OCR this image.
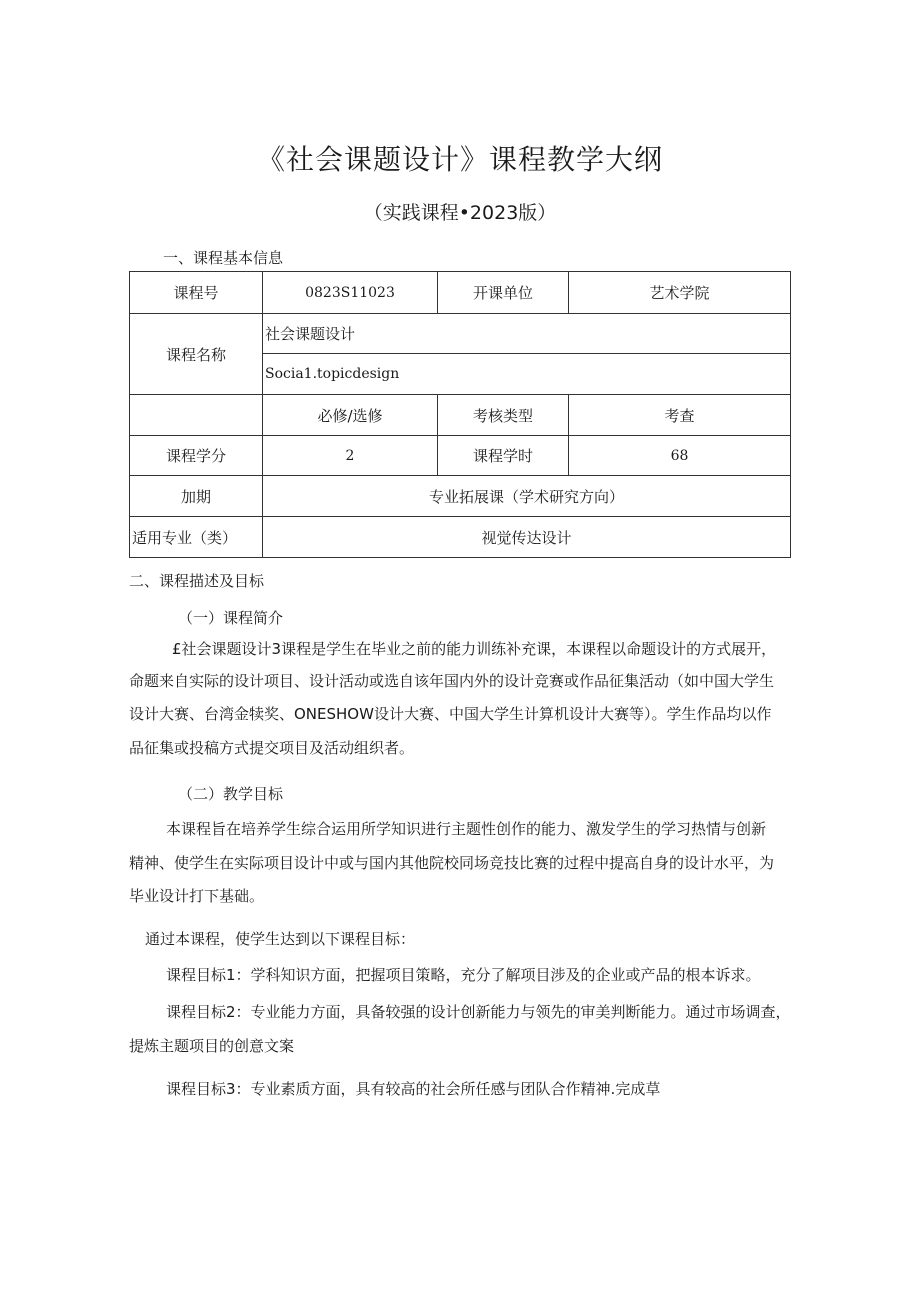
《社会课题设计》课程教学大纲
（实践课程•2023版）
一、课程基本信息
课程号	0823S11023	开课单位	艺术学院
课程名称	社会课题设计		
	Socia1.topicdesign		
	必修/选修	考核类型	考查
课程学分	2	课程学时	68
加期	专业拓展课（学术研究方向）		
适用专业（类）	视觉传达设计		
二、课程描述及目标
（一）课程简介
£社会课题设计3课程是学生在毕业之前的能力训练补充课，本课程以命题设计的方式展开，
命题来自实际的设计项目、设计活动或选自该年国内外的设计竞赛或作品征集活动（如中国大学生
设计大赛、台湾金犊奖、ONESHOW设计大赛、中国大学生计算机设计大赛等）。学生作品均以作
品征集或投稿方式提交项目及活动组织者。
（二）教学目标
本课程旨在培养学生综合运用所学知识进行主题性创作的能力、激发学生的学习热情与创新
精神、使学生在实际项目设计中或与国内其他院校同场竞技比赛的过程中提高自身的设计水平，为
毕业设计打下基础。
通过本课程，使学生达到以下课程目标：
课程目标1：学科知识方面，把握项目策略，充分了解项目涉及的企业或产品的根本诉求。
课程目标2：专业能力方面，具备较强的设计创新能力与领先的审美判断能力。通过市场调查，
提炼主题项目的创意文案
课程目标3：专业素质方面，具有较高的社会所任感与团队合作精神.完成草
